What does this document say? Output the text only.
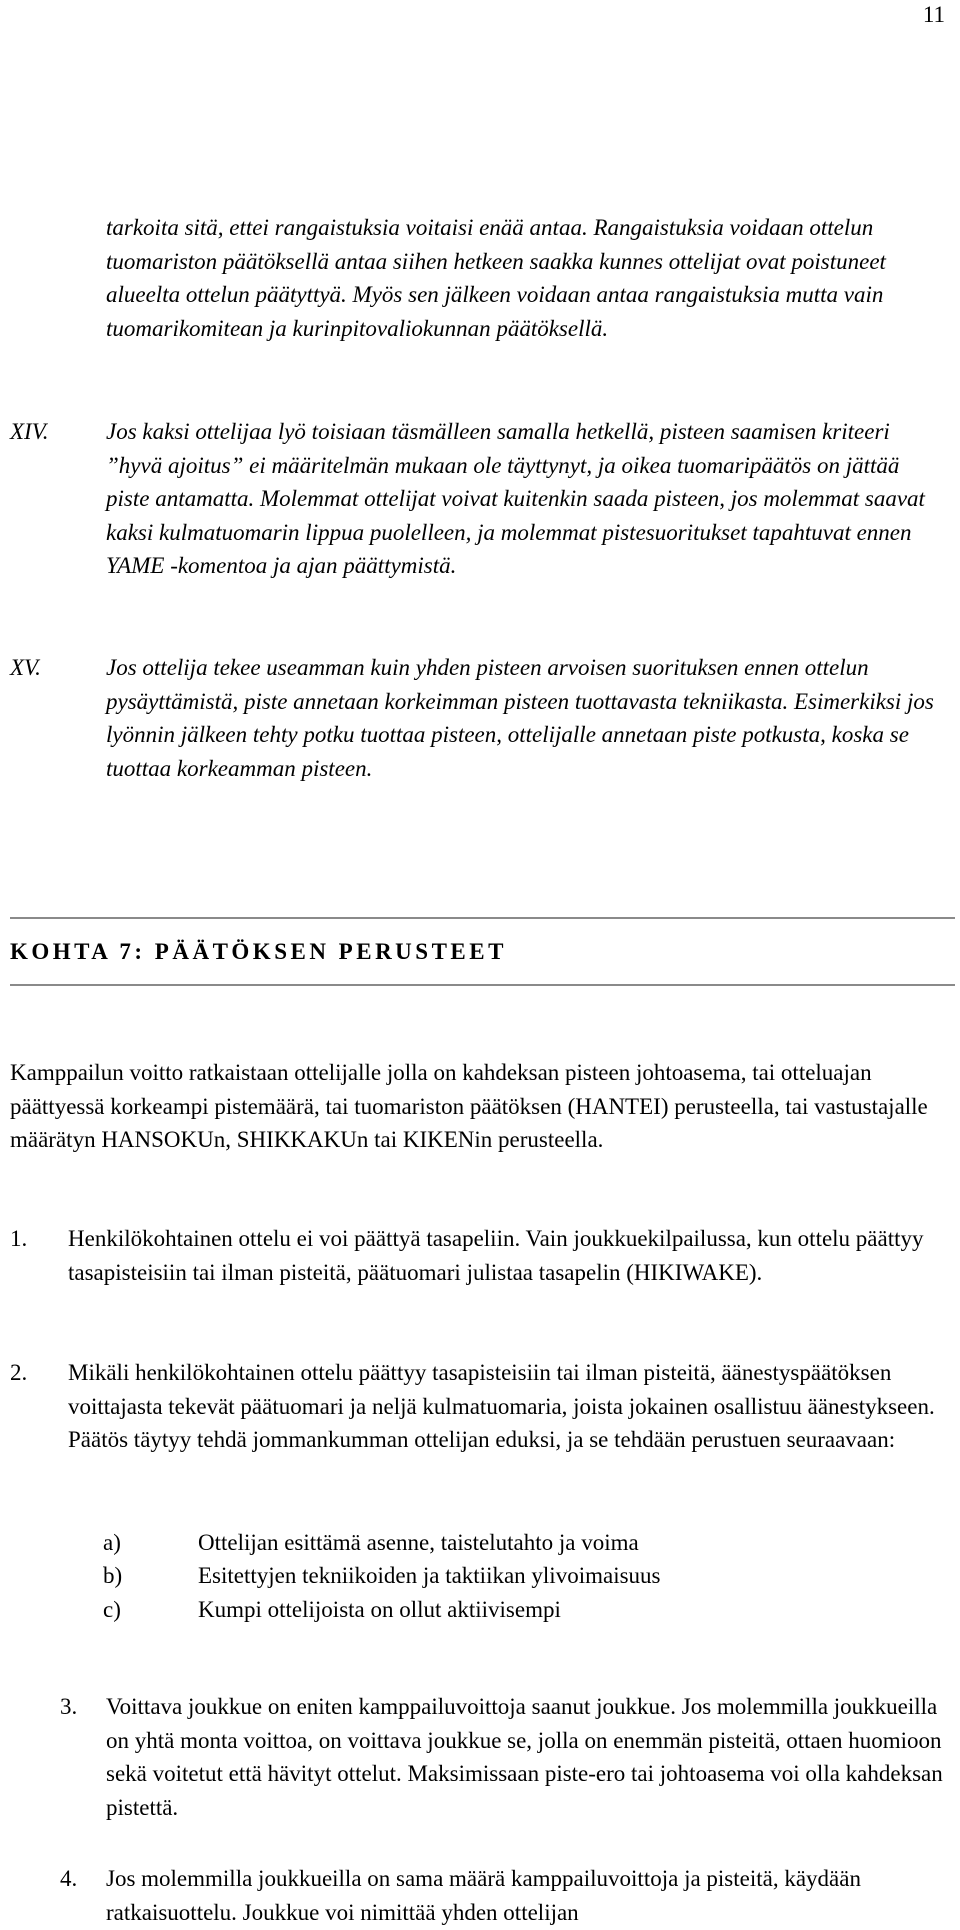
11

tarkoita sitä, ettei rangaistuksia voitaisi enää antaa. Rangaistuksia voidaan ottelun tuomariston päätöksellä antaa siihen hetkeen saakka kunnes ottelijat ovat poistuneet alueelta ottelun päätyttyä. Myös sen jälkeen voidaan antaa rangaistuksia mutta vain tuomarikomitean ja kurinpitovaliokunnan päätöksellä.

XIV. Jos kaksi ottelijaa lyö toisiaan täsmälleen samalla hetkellä, pisteen saamisen kriteeri ”hyvä ajoitus” ei määritelmän mukaan ole täyttynyt, ja oikea tuomaripäätös on jättää piste antamatta. Molemmat ottelijat voivat kuitenkin saada pisteen, jos molemmat saavat kaksi kulmatuomarin lippua puolelleen, ja molemmat pistesuoritukset tapahtuvat ennen YAME -komentoa ja ajan päättymistä.

XV.	Jos ottelija tekee useamman kuin yhden pisteen arvoisen suorituksen ennen ottelun pysäyttämistä, piste annetaan korkeimman pisteen tuottavasta tekniikasta. Esimerkiksi jos lyönnin jälkeen tehty potku tuottaa pisteen, ottelijalle annetaan piste potkusta, koska se tuottaa korkeamman pisteen.

KOHTA 7: PÄÄTÖKSEN PERUSTEET

Kamppailun voitto ratkaistaan ottelijalle jolla on kahdeksan pisteen johtoasema, tai otteluajan päättyessä korkeampi pistemäärä, tai tuomariston päätöksen (HANTEI) perusteella, tai vastustajalle määrätyn HANSOKUn, SHIKKAKUn tai KIKENin perusteella.

1. Henkilökohtainen ottelu ei voi päättyä tasapeliin. Vain joukkuekilpailussa, kun ottelu päättyy tasapisteisiin tai ilman pisteitä, päätuomari julistaa tasapelin (HIKIWAKE).

2. Mikäli henkilökohtainen ottelu päättyy tasapisteisiin tai ilman pisteitä, äänestyspäätöksen voittajasta tekevät päätuomari ja neljä kulmatuomaria, joista jokainen osallistuu äänestykseen. Päätös täytyy tehdä jommankumman ottelijan eduksi, ja se tehdään perustuen seuraavaan:

a)	Ottelijan esittämä asenne, taistelutahto ja voima
b)	Esitettyjen tekniikoiden ja taktiikan ylivoimaisuus
c)	Kumpi ottelijoista on ollut aktiivisempi
3. Voittava joukkue on eniten kamppailuvoittoja saanut joukkue. Jos molemmilla joukkueilla on yhtä monta voittoa, on voittava joukkue se, jolla on enemmän pisteitä, ottaen huomioon sekä voitetut että hävityt ottelut. Maksimissaan piste-ero tai johtoasema voi olla kahdeksan pistettä.

4. Jos molemmilla joukkueilla on sama määrä kamppailuvoittoja ja pisteitä, käydään ratkaisuottelu. Joukkue voi nimittää yhden ottelijan
